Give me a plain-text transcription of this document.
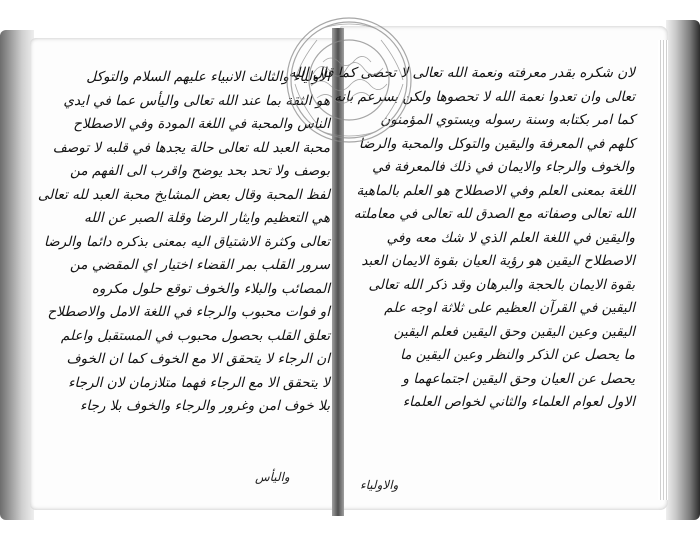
الاولياء والثالث الانبياء عليهم السلام والتوكل
هو الثقة بما عند الله تعالى واليأس عما في ايدي
الناس والمحبة في اللغة المودة وفي الاصطلاح
محبة العبد لله تعالى حالة يجدها في قلبه لا توصف
بوصف ولا تحد بحد يوضح واقرب الى الفهم من
لفظ المحبة وقال بعض المشايخ محبة العبد لله تعالى
هي التعظيم وايثار الرضا وقلة الصبر عن الله
تعالى وكثرة الاشتياق اليه بمعنى بذكره دائما والرضا
سرور القلب بمر القضاء اختيار اي المقضي من
المصائب والبلاء والخوف توقع حلول مكروه
او فوات محبوب والرجاء في اللغة الامل والاصطلاح
تعلق القلب بحصول محبوب في المستقبل واعلم
ان الرجاء لا يتحقق الا مع الخوف كما ان الخوف
لا يتحقق الا مع الرجاء فهما متلازمان لان الرجاء
بلا خوف امن وغرور والرجاء والخوف بلا رجاء
واليأس
لان شكره بقدر معرفته ونعمة الله تعالى لا تحصى كما قال الله
تعالى وان تعدوا نعمة الله لا تحصوها ولكن بسرعم بانه
كما امر بكتابه وسنة رسوله ويستوي المؤمنون
كلهم في المعرفة واليقين والتوكل والمحبة والرضا
والخوف والرجاء والايمان في ذلك فالمعرفة في
اللغة بمعنى العلم وفي الاصطلاح هو العلم بالماهية
الله تعالى وصفاته مع الصدق لله تعالى في معاملته
واليقين في اللغة العلم الذي لا شك معه وفي
الاصطلاح اليقين هو رؤية العيان بقوة الايمان العبد
بقوة الايمان بالحجة والبرهان وقد ذكر الله تعالى
اليقين في القرآن العظيم على ثلاثة اوجه علم
اليقين وعين اليقين وحق اليقين فعلم اليقين
ما يحصل عن الذكر والنظر وعين اليقين ما
يحصل عن العيان وحق اليقين اجتماعهما و
الاول لعوام العلماء والثاني لخواص العلماء
والاولياء
